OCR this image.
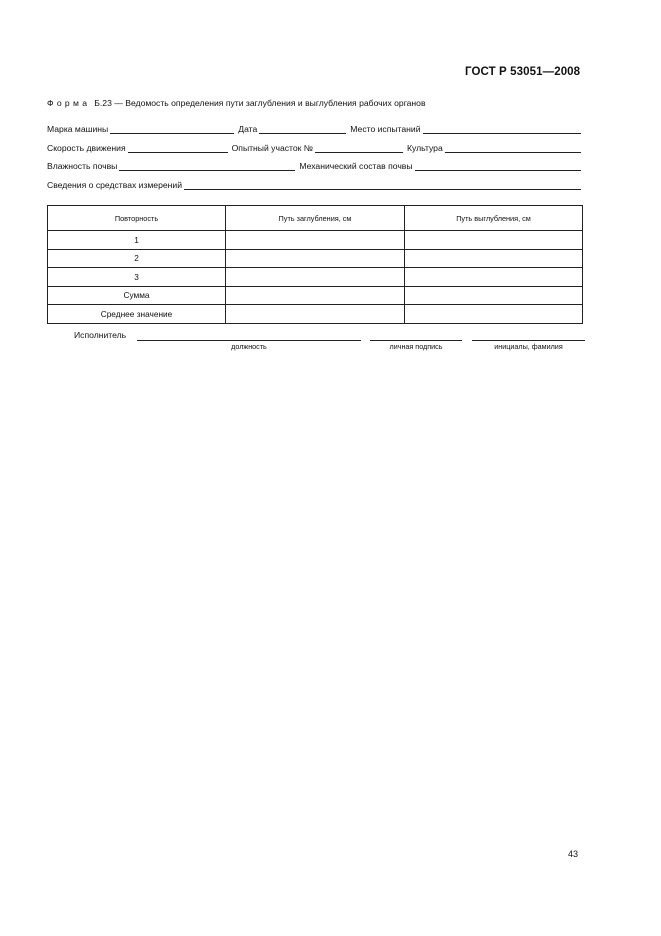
ГОСТ Р 53051—2008
Форма Б.23 — Ведомость определения пути заглубления и выглубления рабочих органов
Марка машины	Дата	Место испытаний
Скорость движения	Опытный участок №	Культура
Влажность почвы	Механический состав почвы
Сведения о средствах измерений
Повторность	Путь заглубления, см	Путь выглубления, см
1		
2		
3		
Сумма		
Среднее значение		
Исполнитель
должность	личная подпись	инициалы, фамилия
43
